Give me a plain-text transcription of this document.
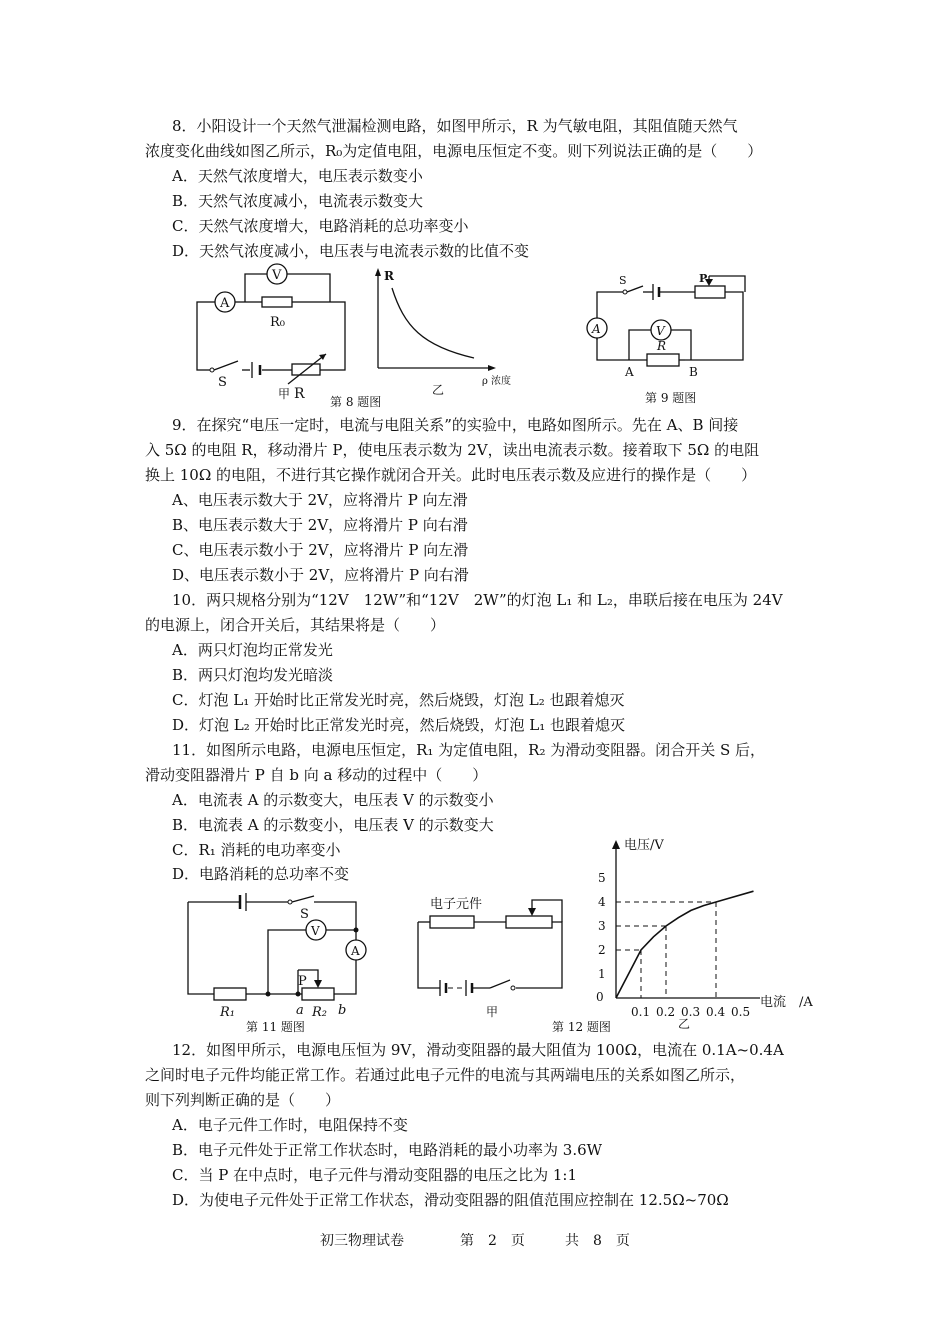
8．小阳设计一个天然气泄漏检测电路，如图甲所示，R 为气敏电阻，其阻值随天然气
浓度变化曲线如图乙所示，R₀为定值电阻，电源电压恒定不变。则下列说法正确的是（　　）
A．天然气浓度增大，电压表示数变小
B．天然气浓度减小，电流表示数变大
C．天然气浓度增大，电路消耗的总功率变小
D．天然气浓度减小，电压表与电流表示数的比值不变
V
A
R₀
S
甲 R
R
ρ 浓度
乙
第 8 题图
P
S
A	V
R
A	B
第 9 题图
9．在探究“电压一定时，电流与电阻关系”的实验中，电路如图所示。先在 A、B 间接
入 5Ω 的电阻 R，移动滑片 P，使电压表示数为 2V，读出电流表示数。接着取下 5Ω 的电阻
换上 10Ω 的电阻，不进行其它操作就闭合开关。此时电压表示数及应进行的操作是（　　）
A、电压表示数大于 2V，应将滑片 P 向左滑
B、电压表示数大于 2V，应将滑片 P 向右滑
C、电压表示数小于 2V，应将滑片 P 向左滑
D、电压表示数小于 2V，应将滑片 P 向右滑
10．两只规格分别为“12V　12W”和“12V　2W”的灯泡 L₁ 和 L₂，串联后接在电压为 24V
的电源上，闭合开关后，其结果将是（　　）
A．两只灯泡均正常发光
B．两只灯泡均发光暗淡
C．灯泡 L₁ 开始时比正常发光时亮，然后烧毁，灯泡 L₂ 也跟着熄灭
D．灯泡 L₂ 开始时比正常发光时亮，然后烧毁，灯泡 L₁ 也跟着熄灭
11．如图所示电路，电源电压恒定，R₁ 为定值电阻，R₂ 为滑动变阻器。闭合开关 S 后，
滑动变阻器滑片 P 自 b 向 a 移动的过程中（　　）
A．电流表 A 的示数变大，电压表 V 的示数变小
B．电流表 A 的示数变小，电压表 V 的示数变大
C．R₁ 消耗的电功率变小
D．电路消耗的总功率不变
S
R₁
V
A
P
a R₂ b
第 11 题图
电子元件
甲
第 12 题图
电压/V
电流　/A
0
1
2
3
4
5
0.1 0.2 0.3 0.4 0.5
乙
12．如图甲所示，电源电压恒为 9V，滑动变阻器的最大阻值为 100Ω，电流在 0.1A~0.4A
之间时电子元件均能正常工作。若通过此电子元件的电流与其两端电压的关系如图乙所示，
则下列判断正确的是（　　）
A．电子元件工作时，电阻保持不变
B．电子元件处于正常工作状态时，电路消耗的最小功率为 3.6W
C．当 P 在中点时，电子元件与滑动变阻器的电压之比为 1:1
D．为使电子元件处于正常工作状态，滑动变阻器的阻值范围应控制在 12.5Ω~70Ω
初三物理试卷	第　2　页	共　8　页
